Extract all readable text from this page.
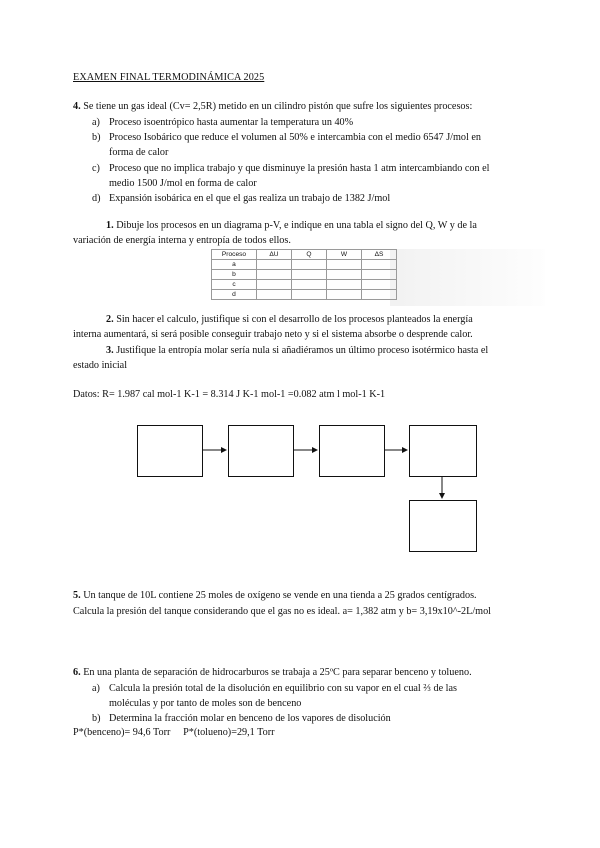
EXAMEN FINAL TERMODINÁMICA 2025
4. Se tiene un gas ideal (Cv= 2,5R) metido en un cilindro pistón que sufre los siguientes procesos:
a) Proceso isoentrópico hasta aumentar la temperatura un 40%
b) Proceso Isobárico que reduce el volumen al 50% e intercambia con el medio 6547 J/mol en
forma de calor
c) Proceso que no implica trabajo y que disminuye la presión hasta 1 atm intercambiando con el
medio 1500 J/mol en forma de calor
d) Expansión isobárica en el que el gas realiza un trabajo de 1382 J/mol
1. Dibuje los procesos en un diagrama p-V, e indique en una tabla el signo del Q, W y de la
variación de energía interna y entropía de todos ellos.
Proceso	ΔU	Q	W	ΔS
a				
b				
c				
d				
2. Sin hacer el calculo, justifique si con el desarrollo de los procesos planteados la energía
interna aumentará, si será posible conseguir trabajo neto y si el sistema absorbe o desprende calor.
3. Justifique la entropía molar sería nula si añadiéramos un último proceso isotérmico hasta el
estado inicial
Datos: R= 1.987 cal mol-1 K-1 = 8.314 J K-1 mol-1 =0.082 atm l mol-1 K-1
5. Un tanque de 10L contiene 25 moles de oxígeno se vende en una tienda a 25 grados centígrados.
Calcula la presión del tanque considerando que el gas no es ideal. a= 1,382 atm y b= 3,19x10^-2L/mol
6. En una planta de separación de hidrocarburos se trabaja a 25ºC para separar benceno y tolueno.
a) Calcula la presión total de la disolución en equilibrio con su vapor en el cual ⅔ de las
moléculas y por tanto de moles son de benceno
b) Determina la fracción molar en benceno de los vapores de disolución
P*(benceno)= 94,6 Torr     P*(tolueno)=29,1 Torr
